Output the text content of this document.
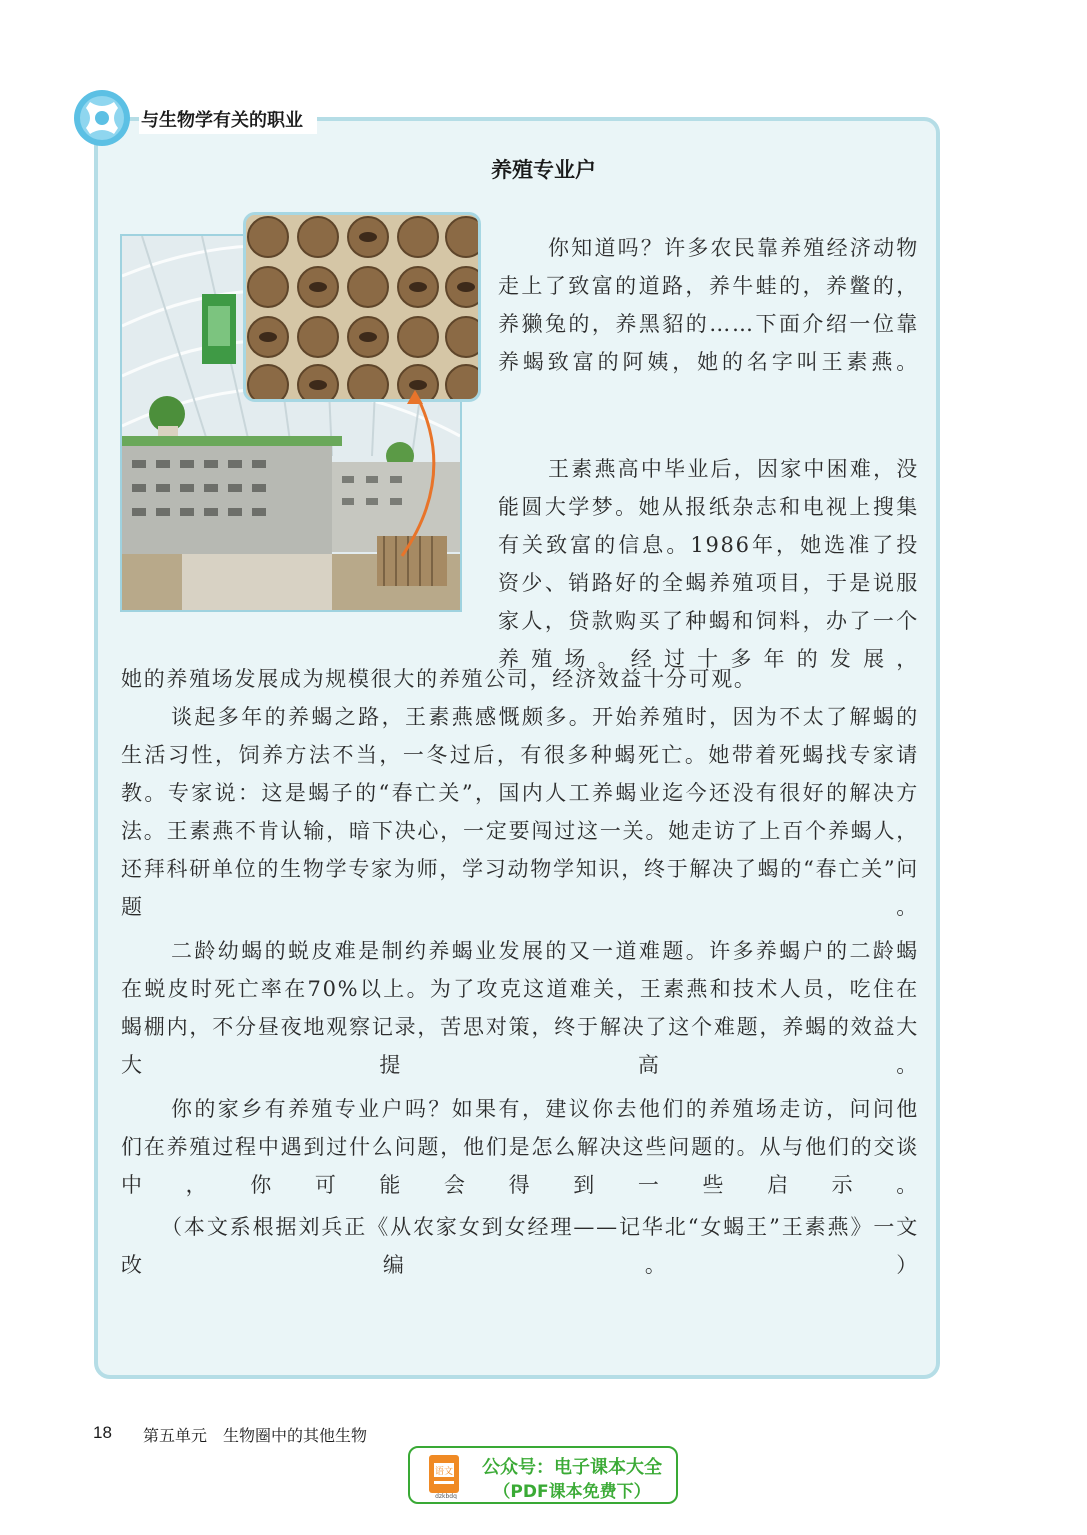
与生物学有关的职业
养殖专业户

你知道吗？许多农民靠养殖经济动物走上了致富的道路，养牛蛙的，养鳖的，养獭兔的，养黑貂的……下面介绍一位靠养蝎致富的阿姨，她的名字叫王素燕。

王素燕高中毕业后，因家中困难，没能圆大学梦。她从报纸杂志和电视上搜集有关致富的信息。1986年，她选准了投资少、销路好的全蝎养殖项目，于是说服家人，贷款购买了种蝎和饲料，办了一个养殖场。经过十多年的发展，

她的养殖场发展成为规模很大的养殖公司，经济效益十分可观。

谈起多年的养蝎之路，王素燕感慨颇多。开始养殖时，因为不太了解蝎的生活习性，饲养方法不当，一冬过后，有很多种蝎死亡。她带着死蝎找专家请教。专家说：这是蝎子的“春亡关”，国内人工养蝎业迄今还没有很好的解决方法。王素燕不肯认输，暗下决心，一定要闯过这一关。她走访了上百个养蝎人，还拜科研单位的生物学专家为师，学习动物学知识，终于解决了蝎的“春亡关”问题。

二龄幼蝎的蜕皮难是制约养蝎业发展的又一道难题。许多养蝎户的二龄蝎在蜕皮时死亡率在70%以上。为了攻克这道难关，王素燕和技术人员，吃住在蝎棚内，不分昼夜地观察记录，苦思对策，终于解决了这个难题，养蝎的效益大大提高。

你的家乡有养殖专业户吗？如果有，建议你去他们的养殖场走访，问问他们在养殖过程中遇到过什么问题，他们是怎么解决这些问题的。从与他们的交谈中，你可能会得到一些启示。

（本文系根据刘兵正《从农家女到女经理——记华北“女蝎王”王素燕》一文改编。）

18 第五单元　生物圈中的其他生物
语文
dzkbdq
公众号：电子课本大全
（PDF课本免费下）
